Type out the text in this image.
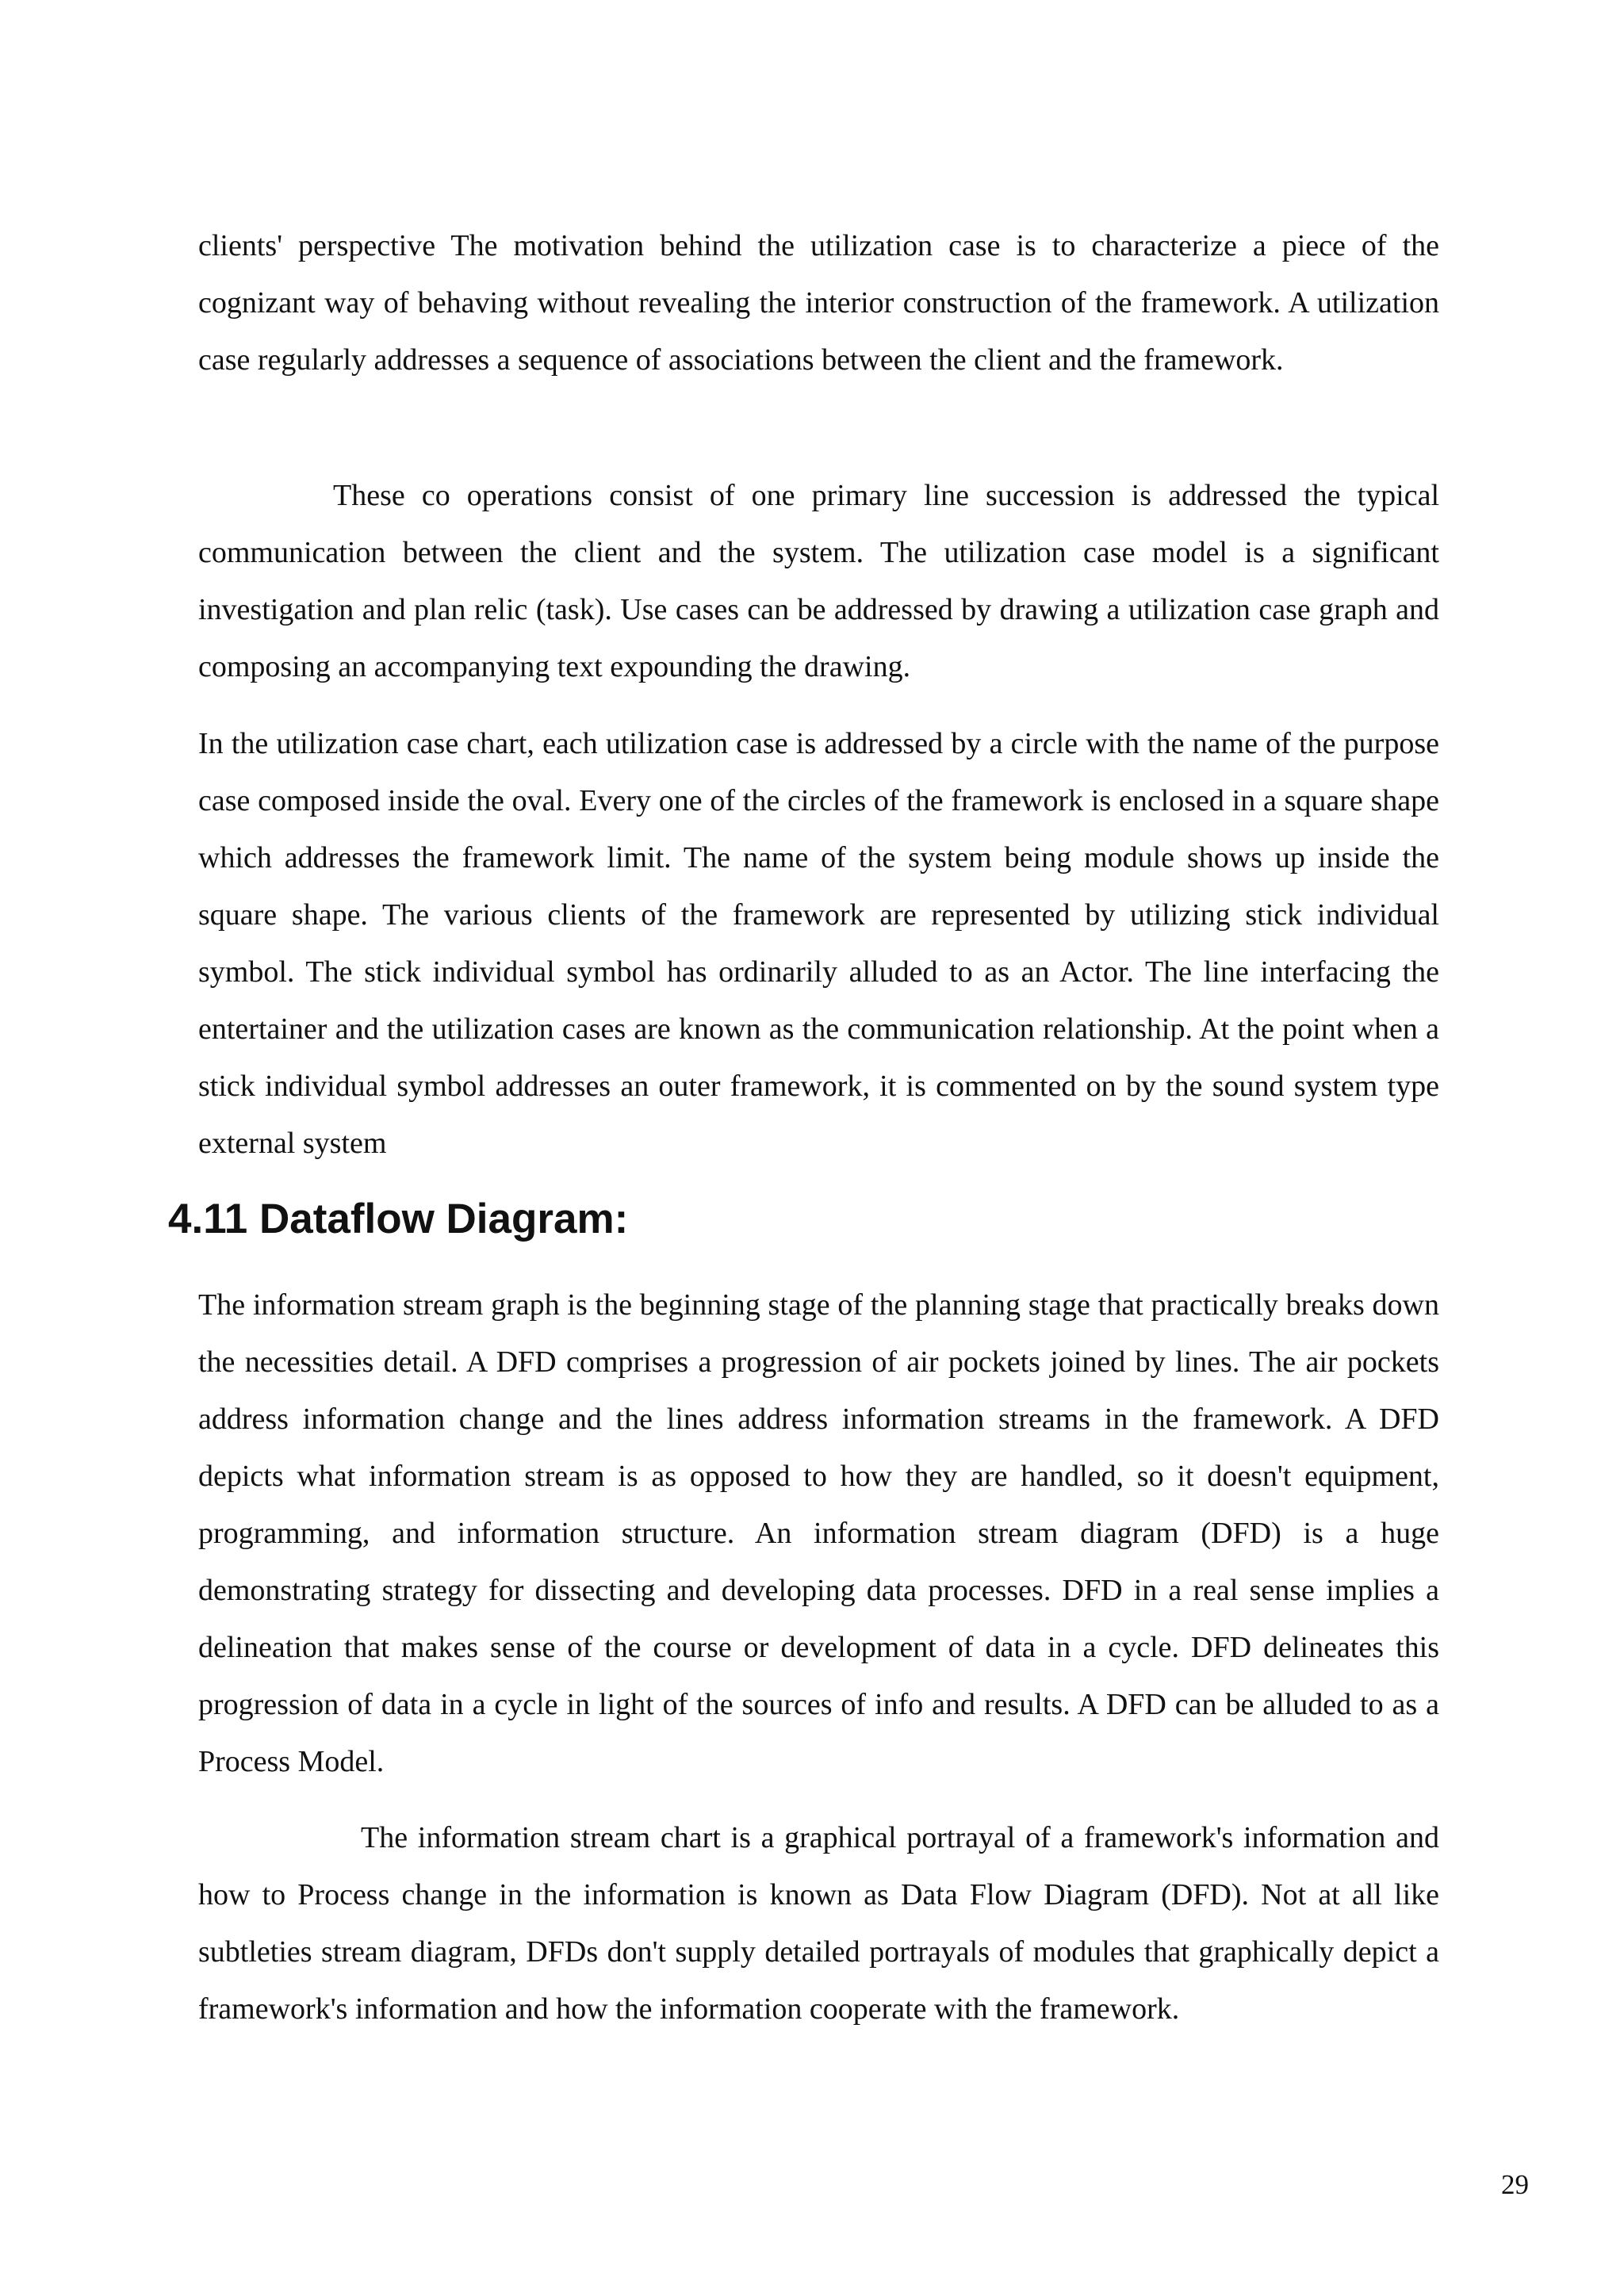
clients' perspective The motivation behind the utilization case is to characterize a piece of the cognizant way of behaving without revealing the interior construction of the framework. A utilization case regularly addresses a sequence of associations between the client and the framework.

These co operations consist of one primary line succession is addressed the typical communication between the client and the system. The utilization case model is a significant investigation and plan relic (task). Use cases can be addressed by drawing a utilization case graph and composing an accompanying text expounding the drawing.

In the utilization case chart, each utilization case is addressed by a circle with the name of the purpose case composed inside the oval. Every one of the circles of the framework is enclosed in a square shape which addresses the framework limit. The name of the system being module shows up inside the square shape. The various clients of the framework are represented by utilizing stick individual symbol. The stick individual symbol has ordinarily alluded to as an Actor. The line interfacing the entertainer and the utilization cases are known as the communication relationship. At the point when a stick individual symbol addresses an outer framework, it is commented on by the sound system type external system

4.11 Dataflow Diagram:

The information stream graph is the beginning stage of the planning stage that practically breaks down the necessities detail. A DFD comprises a progression of air pockets joined by lines. The air pockets address information change and the lines address information streams in the framework. A DFD depicts what information stream is as opposed to how they are handled, so it doesn't equipment, programming, and information structure. An information stream diagram (DFD) is a huge demonstrating strategy for dissecting and developing data processes. DFD in a real sense implies a delineation that makes sense of the course or development of data in a cycle. DFD delineates this progression of data in a cycle in light of the sources of info and results. A DFD can be alluded to as a Process Model.

The information stream chart is a graphical portrayal of a framework's information and how to Process change in the information is known as Data Flow Diagram (DFD). Not at all like subtleties stream diagram, DFDs don't supply detailed portrayals of modules that graphically depict a framework's information and how the information cooperate with the framework.

29
